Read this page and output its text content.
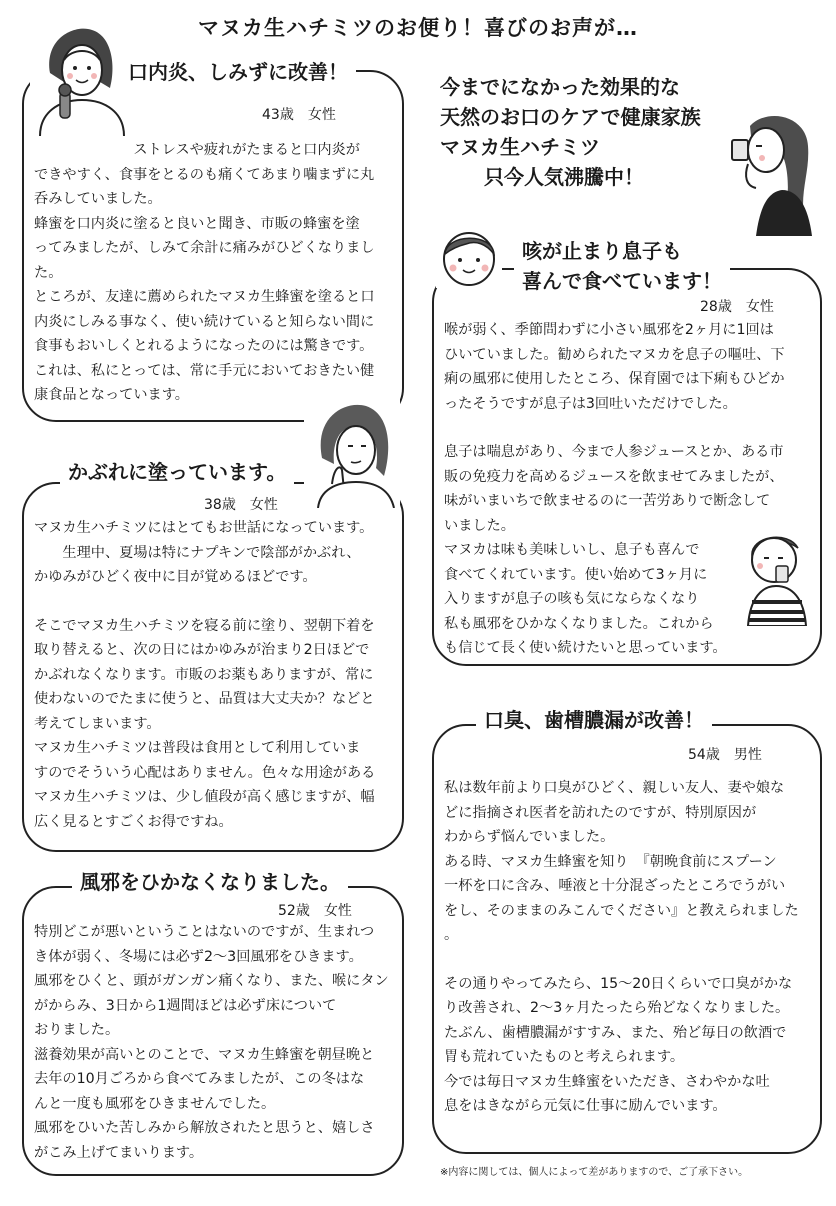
マヌカ生ハチミツのお便り！喜びのお声が…
口内炎、しみずに改善！
43歳　女性

　　　　　　　ストレスや疲れがたまると口内炎が
できやすく、食事をとるのも痛くてあまり噛まずに丸
呑みしていました。

蜂蜜を口内炎に塗ると良いと聞き、市販の蜂蜜を塗
ってみましたが、しみて余計に痛みがひどくなりまし
た。

ところが、友達に薦められたマヌカ生蜂蜜を塗ると口
内炎にしみる事なく、使い続けていると知らない間に
食事もおいしくとれるようになったのには驚きです。

これは、私にとっては、常に手元においておきたい健
康食品となっています。

かぶれに塗っています。
38歳　女性

マヌカ生ハチミツにはとてもお世話になっています。
　　生理中、夏場は特にナプキンで陰部がかぶれ、
かゆみがひどく夜中に目が覚めるほどです。

そこでマヌカ生ハチミツを寝る前に塗り、翌朝下着を
取り替えると、次の日にはかゆみが治まり2日ほどで
かぶれなくなります。市販のお薬もありますが、常に
使わないのでたまに使うと、品質は大丈夫か？などと
考えてしまいます。

マヌカ生ハチミツは普段は食用として利用していま
すのでそういう心配はありません。色々な用途がある
マヌカ生ハチミツは、少し値段が高く感じますが、幅
広く見るとすごくお得ですね。

風邪をひかなくなりました。
52歳　女性

特別どこが悪いということはないのですが、生まれつ
き体が弱く、冬場には必ず2〜3回風邪をひきます。

風邪をひくと、頭がガンガン痛くなり、また、喉にタン
がからみ、3日から1週間ほどは必ず床について
おりました。

滋養効果が高いとのことで、マヌカ生蜂蜜を朝昼晩と
去年の10月ごろから食べてみましたが、この冬はな
んと一度も風邪をひきませんでした。

風邪をひいた苦しみから解放されたと思うと、嬉しさ
がこみ上げてまいります。

今までになかった効果的な

天然のお口のケアで健康家族

マヌカ生ハチミツ

只今人気沸騰中！

咳が止まり息子も
喜んで食べています！
28歳　女性

喉が弱く、季節問わずに小さい風邪を2ヶ月に1回は
ひいていました。勧められたマヌカを息子の嘔吐、下
痢の風邪に使用したところ、保育園では下痢もひどか
ったそうですが息子は3回吐いただけでした。

息子は喘息があり、今まで人参ジュースとか、ある市
販の免疫力を高めるジュースを飲ませてみましたが、
味がいまいちで飲ませるのに一苦労ありで断念して
いました。

マヌカは味も美味しいし、息子も喜んで
食べてくれています。使い始めて3ヶ月に
入りますが息子の咳も気にならなくなり
私も風邪をひかなくなりました。これから
も信じて長く使い続けたいと思っています。

口臭、歯槽膿漏が改善！
54歳　男性

私は数年前より口臭がひどく、親しい友人、妻や娘な
どに指摘され医者を訪れたのですが、特別原因が
わからず悩んでいました。

ある時、マヌカ生蜂蜜を知り　『朝晩食前にスプーン
一杯を口に含み、唾液と十分混ざったところでうがい
をし、そのままのみこんでください』と教えられました
。

その通りやってみたら、15〜20日くらいで口臭がかな
り改善され、2〜3ヶ月たったら殆どなくなりました。

たぶん、歯槽膿漏がすすみ、また、殆ど毎日の飲酒で
胃も荒れていたものと考えられます。

今では毎日マヌカ生蜂蜜をいただき、さわやかな吐
息をはきながら元気に仕事に励んでいます。

※内容に関しては、個人によって差がありますので、ご了承下さい。
